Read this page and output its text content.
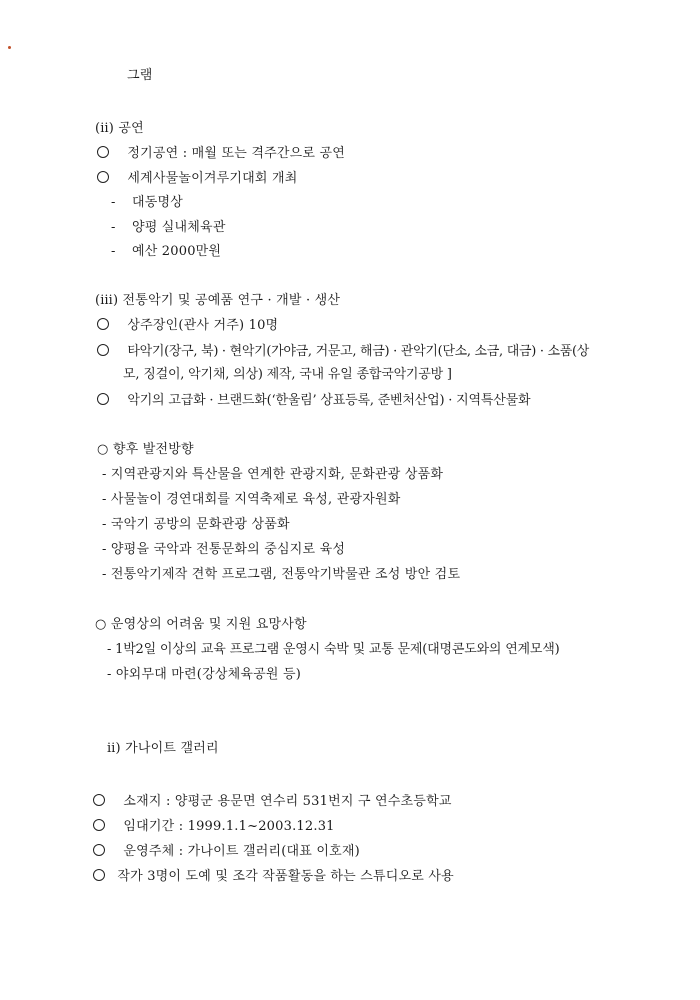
그램
(ⅱ) 공연
정기공연 : 매월 또는 격주간으로 공연
세계사물놀이겨루기대회 개최
- 대동명상
- 양평 실내체육관
- 예산 2000만원
(ⅲ) 전통악기 및 공예품 연구 · 개발 · 생산
상주장인(관사 거주) 10명
타악기(장구, 북) · 현악기(가야금, 거문고, 해금) · 관악기(단소, 소금, 대금) · 소품(상
모, 징걸이, 악기채, 의상) 제작, 국내 유일 종합국악기공방 ]
악기의 고급화 · 브랜드화(‘한울림’ 상표등록, 준벤처산업) · 지역특산물화
○ 향후 발전방향
- 지역관광지와 특산물을 연계한 관광지화, 문화관광 상품화
- 사물놀이 경연대회를 지역축제로 육성, 관광자원화
- 국악기 공방의 문화관광 상품화
- 양평을 국악과 전통문화의 중심지로 육성
- 전통악기제작 견학 프로그램, 전통악기박물관 조성 방안 검토
○ 운영상의 어려움 및 지원 요망사항
- 1박2일 이상의 교육 프로그램 운영시 숙박 및 교통 문제(대명콘도와의 연계모색)
- 야외무대 마련(강상체육공원 등)
ⅱ) 가나이트 갤러리
소재지 : 양평군 용문면 연수리 531번지 구 연수초등학교
임대기간 : 1999.1.1~2003.12.31
운영주체 : 가나이트 갤러리(대표 이호재)
작가 3명이 도예 및 조각 작품활동을 하는 스튜디오로 사용
